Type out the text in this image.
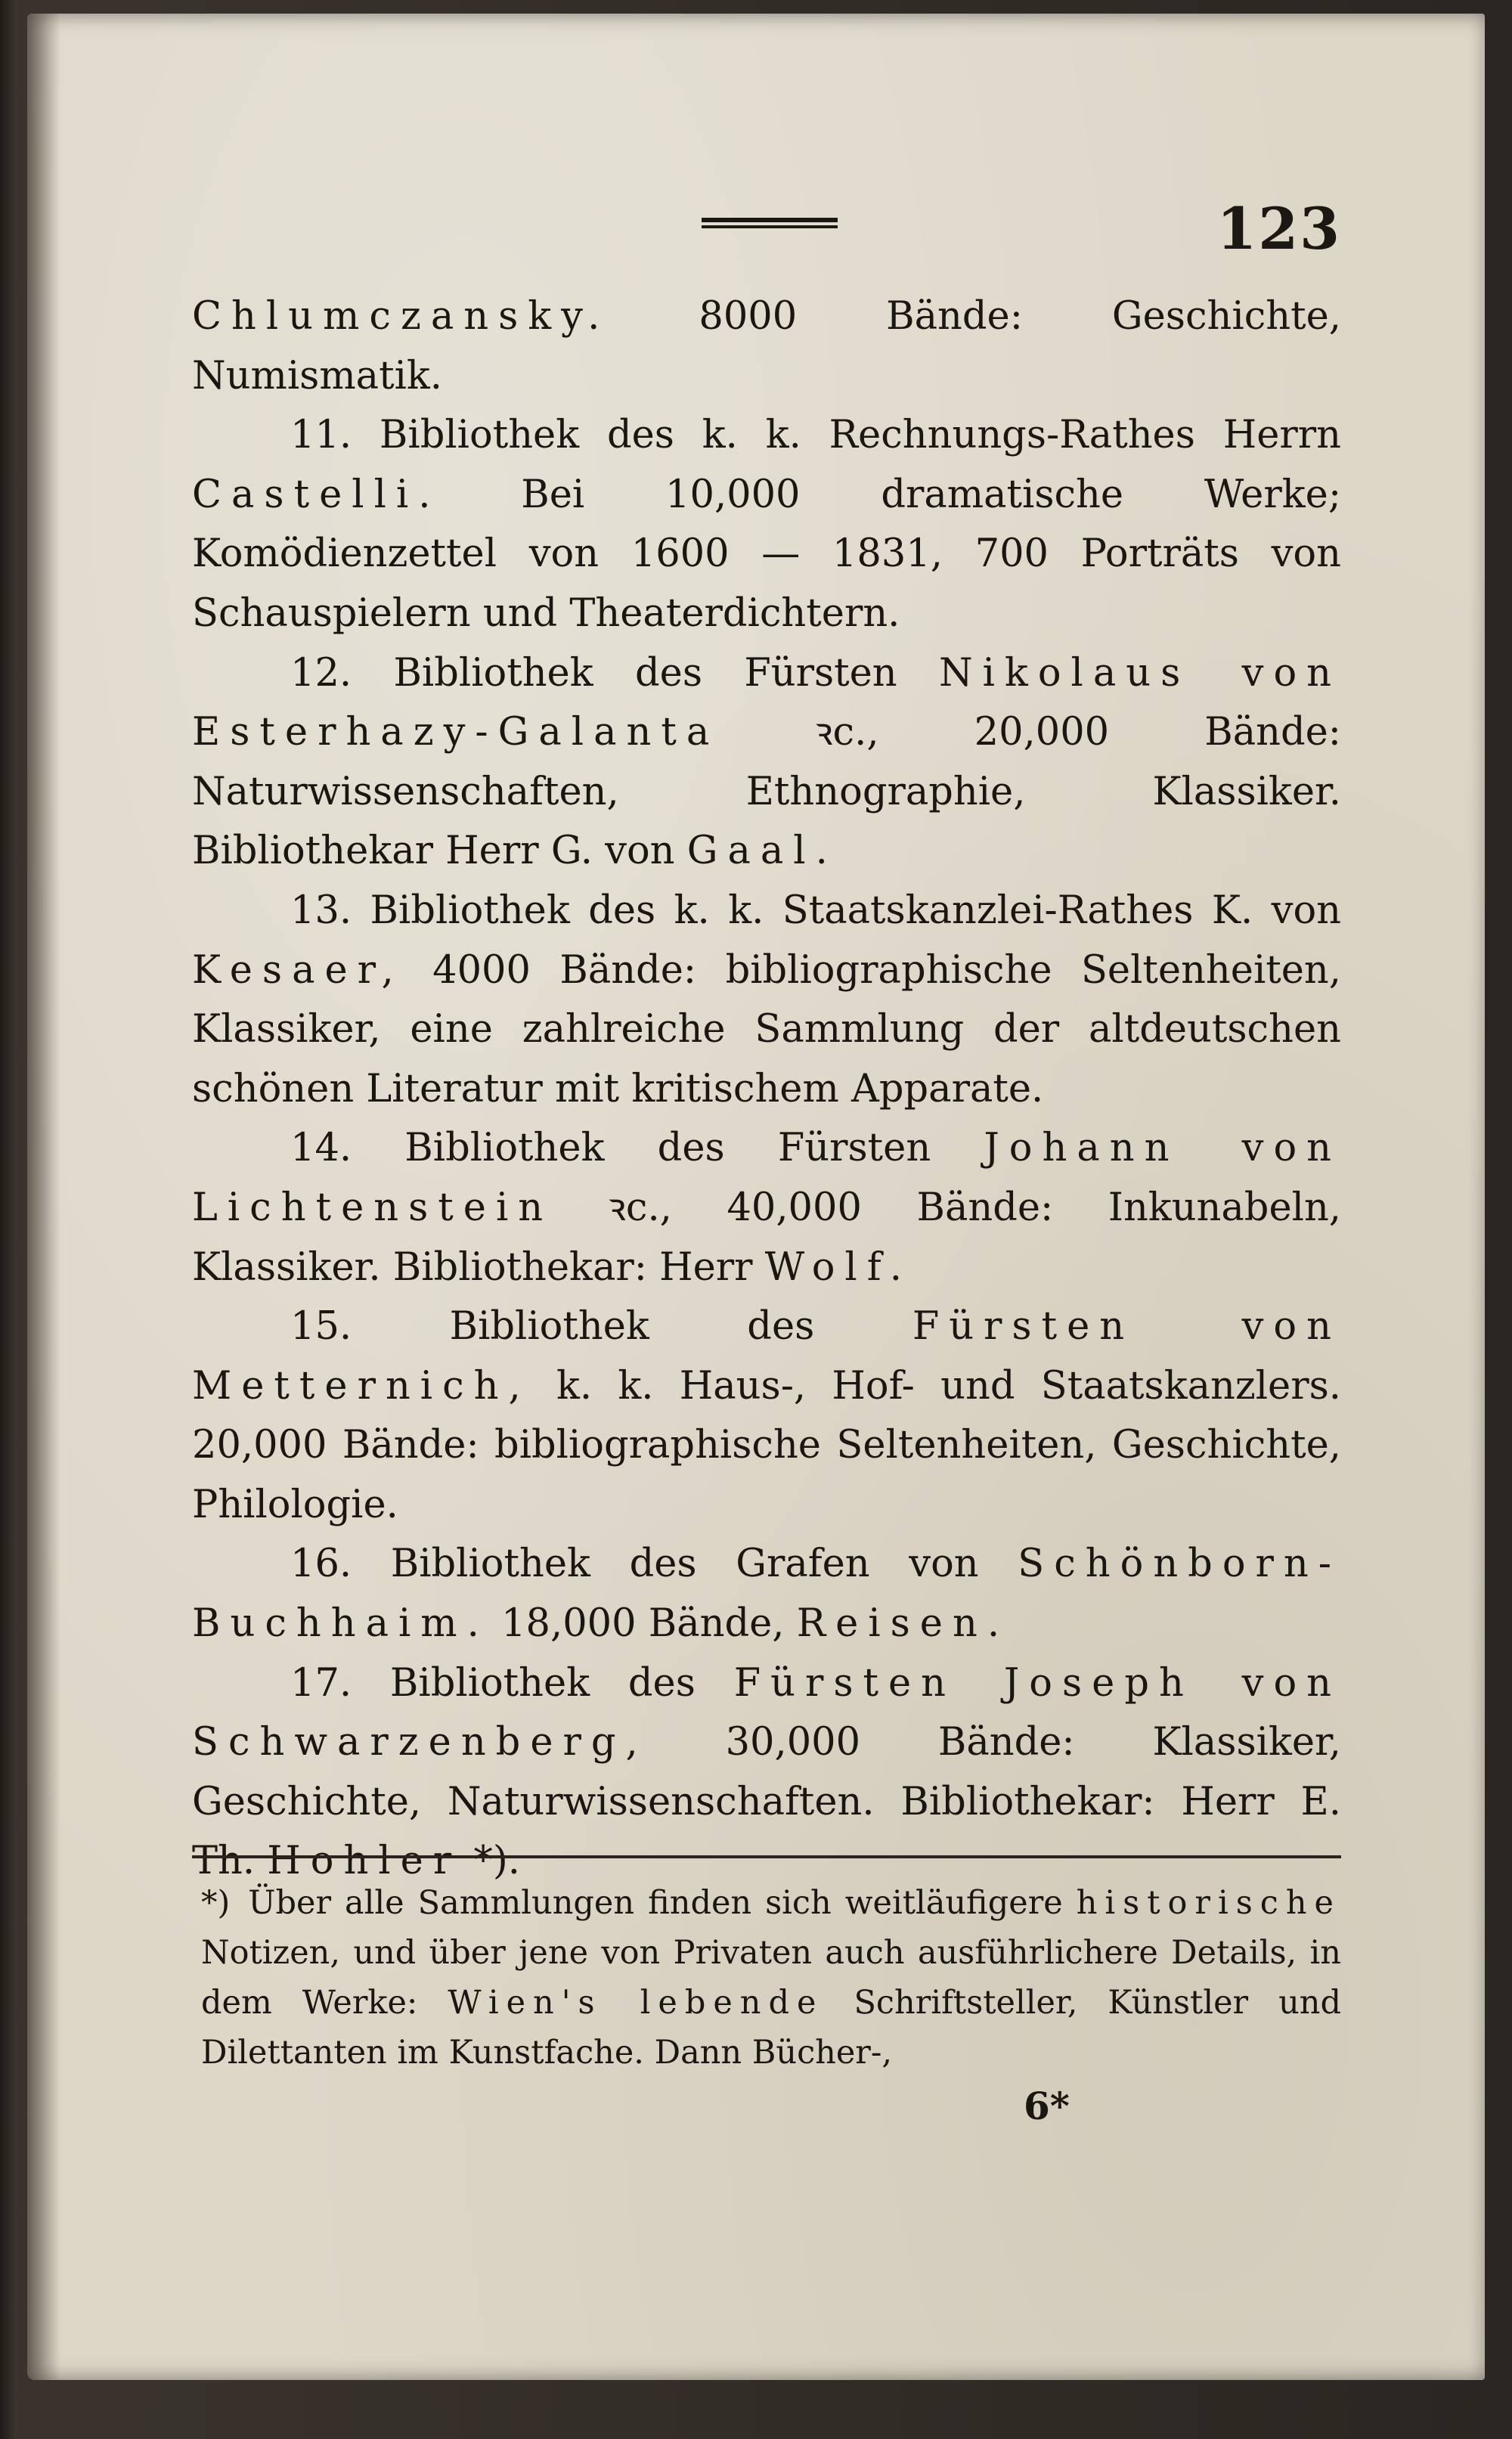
123

Chlumczansky. 8000 Bände: Geschichte, Numismatik.

11. Bibliothek des k. k. Rechnungs-Rathes Herrn Castelli. Bei 10,000 dramatische Werke; Komödienzettel von 1600 — 1831, 700 Porträts von Schauspielern und Theaterdichtern.

12. Bibliothek des Fürsten Nikolaus von Esterhazy-Galanta ꝛc., 20,000 Bände: Naturwissenschaften, Ethnographie, Klassiker. Bibliothekar Herr G. von Gaal.

13. Bibliothek des k. k. Staatskanzlei-Rathes K. von Kesaer, 4000 Bände: bibliographische Seltenheiten, Klassiker, eine zahlreiche Sammlung der altdeutschen schönen Literatur mit kritischem Apparate.

14. Bibliothek des Fürsten Johann von Lichtenstein ꝛc., 40,000 Bände: Inkunabeln, Klassiker. Bibliothekar: Herr Wolf.

15. Bibliothek des Fürsten von Metternich, k. k. Haus-, Hof- und Staatskanzlers. 20,000 Bände: bibliographische Seltenheiten, Geschichte, Philologie.

16. Bibliothek des Grafen von Schönborn-Buchhaim. 18,000 Bände, Reisen.

17. Bibliothek des Fürsten Joseph von Schwarzenberg, 30,000 Bände: Klassiker, Geschichte, Naturwissenschaften. Bibliothekar: Herr E. Th. Hohler *).

*) Über alle Sammlungen finden sich weitläufigere historische Notizen, und über jene von Privaten auch ausführlichere Details, in dem Werke: Wien's lebende Schriftsteller, Künstler und Dilettanten im Kunstfache. Dann Bücher-,
6*
